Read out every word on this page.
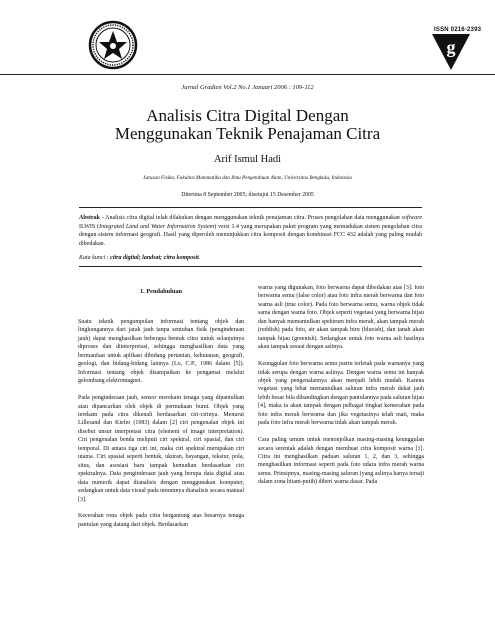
ISSN 0216-2393
g
Jurnal Gradien Vol.2 No.1 Januari 2006 : 109-112
Analisis Citra Digital Dengan
Menggunakan Teknik Penajaman Citra
Arif Ismul Hadi
Jurusan Fisika, Fakultas Matematika dan Ilmu Pengetahuan Alam, Universitas Bengkulu, Indonesia
Diterima 8 September 2005; disetujui 15 Desember 2005
Abstrak - Analisis citra digital telah dilakukan dengan menggunakan teknik penajaman citra. Proses pengolahan data menggunakan software ILWIS (Integrated Land and Water Information System) versi 1.4 yang merupakan paket program yang memadukan sistem pengolahan citra dengan sistem informasi geografi. Hasil yang diperoleh menunjukkan citra komposit dengan kombinasi FCC 432 adalah yang paling mudah dibedakan.
Kata kunci : citra digital; landsat; citra komposit.
1. Pendahuluan

Suatu teknik pengumpulan informasi tentang objek dan lingkungannya dari jarak jauh tanpa sentuhan fisik (penginderaan jauh) dapat menghasilkan beberapa bentuk citra untuk selanjutnya diproses dan diinterpretasi, sehingga menghasilkan data yang bermanfaat untuk aplikasi dibidang pertanian, kehutanan, geografi, geologi, dan bidang-bidang lainnya (Lo, C.P., 1986 dalam [5]). Informasi tentang objek disampaikan ke pengamat melalui gelombang elektromagnet.

Pada penginderaan jauh, sensor merekam tenaga yang dipantulkan atau dipancarkan oleh objek di permukaan bumi. Objek yang terekam pada citra dikenali berdasarkan ciri-cirinya. Menurut Lillesand dan Kiefer (1983) dalam [2] ciri pengenalan objek ini disebut unsur interpretasi citra (element of image interpretation). Ciri pengenalan benda meliputi ciri spektral, ciri spasial, dan ciri temporal. Di antara tiga ciri ini, maka ciri spektral merupakan ciri utama. Ciri spasial seperti bentuk, ukuran, bayangan, tekstur, pola, situs, dan asosiasi baru tampak kemudian berdasarkan ciri spektralnya. Data penginderaan jauh yang berupa data digital atau data numerik dapat dianalisis dengan menggunakan komputer, sedangkan untuk data visual pada umumnya dianalisis secara manual [3].

Kecerahan rona objek pada citra bergantung atas besarnya tenaga pantulan yang datang dari objek. Berdasarkan

warna yang digunakan, foto berwarna dapat dibedakan atas [3]: foto berwarna semu (false color) atau foto infra merah berwarna dan foto warna asli (true color). Pada foto berwarna semu, warna objek tidak sama dengan warna foto. Objek seperti vegetasi yang berwarna hijau dan banyak memantulkan spektrum infra merah, akan tampak merah (reddish) pada foto, air akan tampak biru (blueish), dan tanah akan tampak hijau (greenish). Sedangkan untuk foto warna asli hasilnya akan tampak sesuai dengan aslinya.

Keunggulan foto berwarna semu justru terletak pada warnanya yang tidak serupa dengan warna aslinya. Dengan warna semu ini banyak objek yang pengenalannya akan menjadi lebih mudah. Karena vegetasi yang lebat memantulkan saluran infra merah dekat jauh lebih besar bila dibandingkan dengan pantulannya pada saluran hijau [4], maka ia akan tampak dengan pelbagai tingkat kemerahan pada foto infra merah berwarna dan jika vegetasinya telah mati, maka pada foto infra merah berwarna tidak akan tampak merah.

Cara paling umum untuk menonjolkan masing-masing keunggulan secara serentak adalah dengan membuat citra komposit warna [1]. Citra ini menghasilkan paduan saluran 1, 2, dan 3, sehingga menghasilkan informasi seperti pada foto udara infra merah warna semu. Prinsipnya, masing-masing saluran (yang aslinya hanya tersaji dalam zona hitam-putih) diberi warna dasar. Pada
